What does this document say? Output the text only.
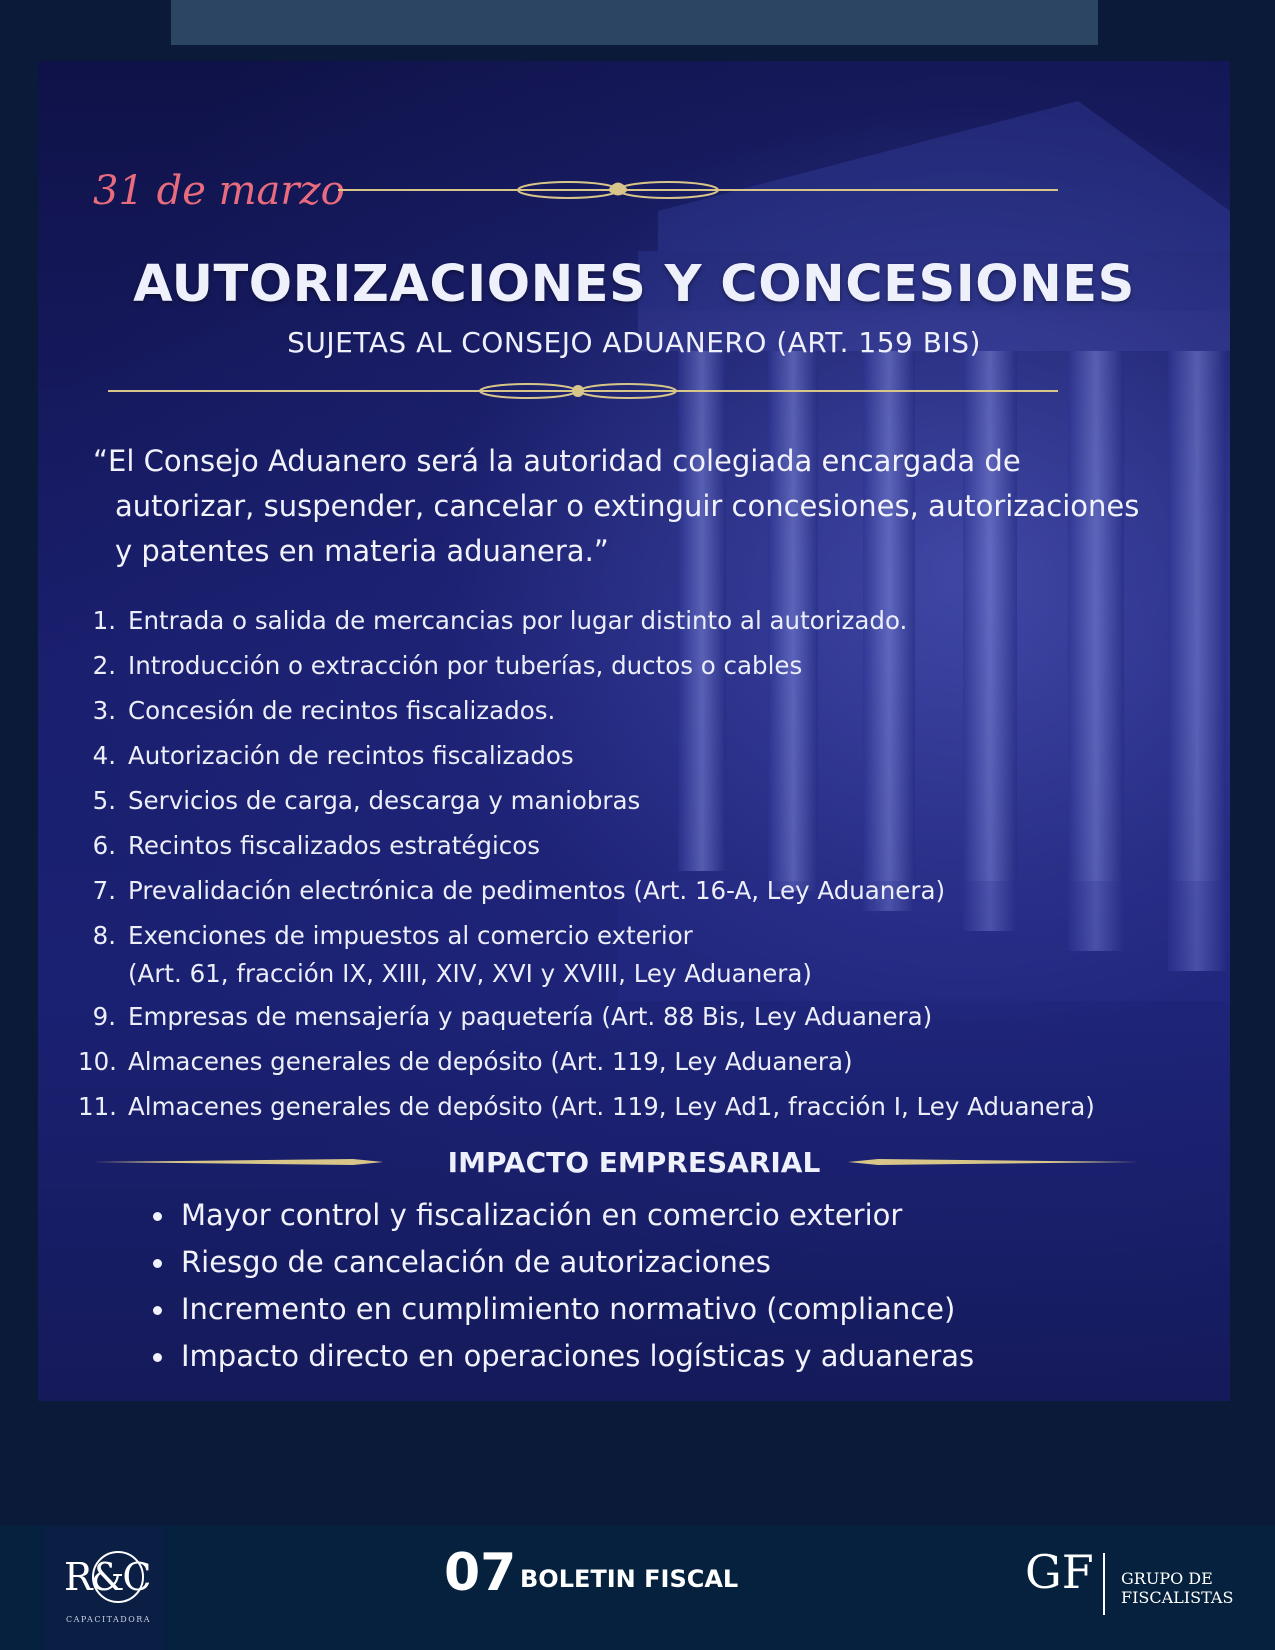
31 de marzo
AUTORIZACIONES Y CONCESIONES
SUJETAS AL CONSEJO ADUANERO (ART. 159 BIS)
“El Consejo Aduanero será la autoridad colegiada encargada de autorizar, suspender, cancelar o extinguir concesiones, autorizaciones y patentes en materia aduanera.”
1. Entrada o salida de mercancias por lugar distinto al autorizado.
2. Introducción o extracción por tuberías, ductos o cables
3. Concesión de recintos fiscalizados.
4. Autorización de recintos fiscalizados
5. Servicios de carga, descarga y maniobras
6. Recintos fiscalizados estratégicos
7. Prevalidación electrónica de pedimentos (Art. 16-A, Ley Aduanera)
8. Exenciones de impuestos al comercio exterior
(Art. 61, fracción IX, XIII, XIV, XVI y XVIII, Ley Aduanera)
9. Empresas de mensajería y paquetería (Art. 88 Bis, Ley Aduanera)
10. Almacenes generales de depósito (Art. 119, Ley Aduanera)
11. Almacenes generales de depósito (Art. 119, Ley Ad1, fracción I, Ley Aduanera)
IMPACTO EMPRESARIAL
Mayor control y fiscalización en comercio exterior
Riesgo de cancelación de autorizaciones
Incremento en cumplimiento normativo (compliance)
Impacto directo en operaciones logísticas y aduaneras
R&C
CAPACITADORA
07 BOLETIN FISCAL	GF GRUPO DE
FISCALISTAS
